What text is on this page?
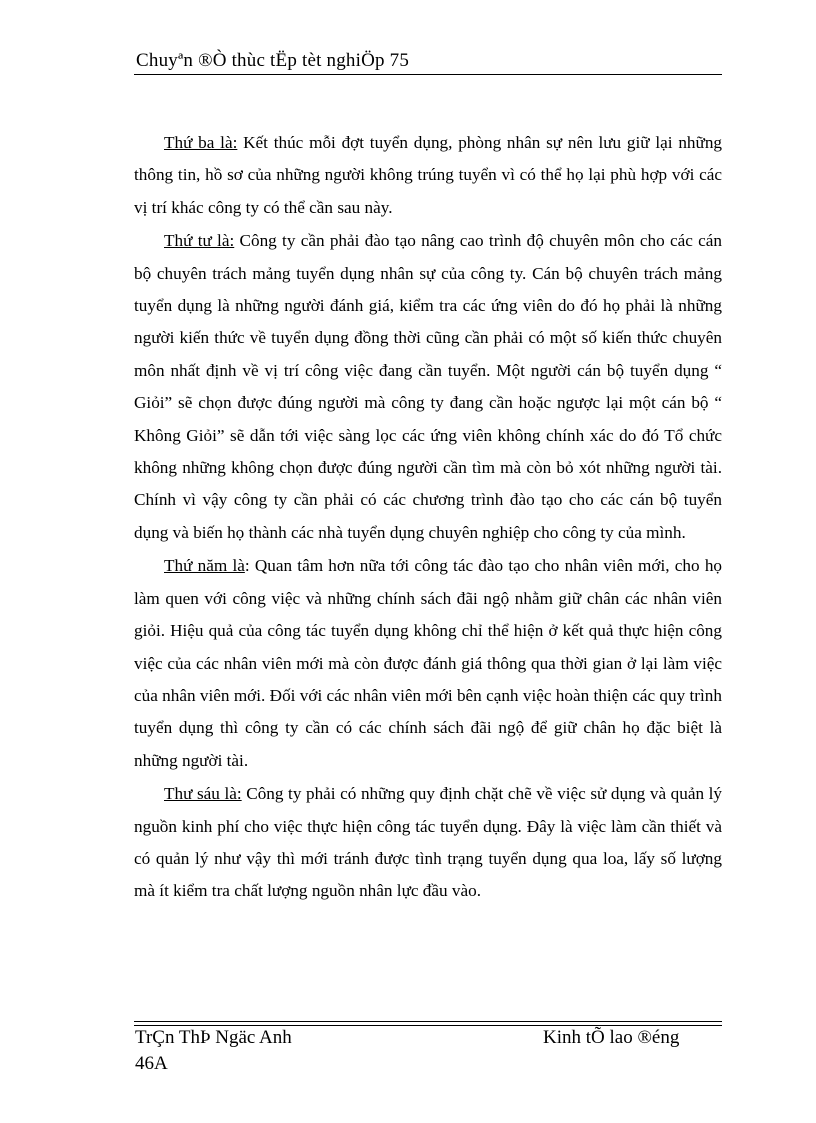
Chuyªn ®Ò thùc tËp tèt nghiÖp 75

Thứ ba là: Kết thúc mỗi đợt tuyển dụng, phòng nhân sự nên lưu giữ lại những thông tin, hồ sơ của những người không trúng tuyển vì có thể họ lại phù hợp với các vị trí khác công ty có thể cần sau này.

Thứ tư là: Công ty cần phải đào tạo nâng cao trình độ chuyên môn cho các cán bộ chuyên trách mảng tuyển dụng nhân sự của công ty. Cán bộ chuyên trách mảng tuyển dụng là những người đánh giá, kiểm tra các ứng viên do đó họ phải là những người kiến thức về tuyển dụng đồng thời cũng cần phải có một số kiến thức chuyên môn nhất định về vị trí công việc đang cần tuyển. Một người cán bộ tuyển dụng “ Giỏi” sẽ chọn được đúng người mà công ty đang cần hoặc ngược lại một cán bộ “ Không Giỏi” sẽ dẫn tới việc sàng lọc các ứng viên không chính xác do đó Tổ chức không những không chọn được đúng người cần tìm mà còn bỏ xót những người tài. Chính vì vậy công ty cần phải có các chương trình đào tạo cho các cán bộ tuyển dụng và biến họ thành các nhà tuyển dụng chuyên nghiệp cho công ty của mình.

Thứ năm là: Quan tâm hơn nữa tới công tác đào tạo cho nhân viên mới, cho họ làm quen với công việc và những chính sách đãi ngộ nhằm giữ chân các nhân viên giỏi. Hiệu quả của công tác tuyển dụng không chỉ thể hiện ở kết quả thực hiện công việc của các nhân viên mới mà còn được đánh giá thông qua thời gian ở lại làm việc của nhân viên mới. Đối với các nhân viên mới bên cạnh việc hoàn thiện các quy trình tuyển dụng thì công ty cần có các chính sách đãi ngộ để giữ chân họ đặc biệt là những người tài.

Thư sáu là: Công ty phải có những quy định chặt chẽ về việc sử dụng và quản lý nguồn kinh phí cho việc thực hiện công tác tuyển dụng. Đây là việc làm cần thiết và có quản lý như vậy thì mới tránh được tình trạng tuyển dụng qua loa, lấy số lượng mà ít kiểm tra chất lượng nguồn nhân lực đầu vào.

TrÇn ThÞ Ngäc Anh
46A
Kinh tÕ lao ®éng
